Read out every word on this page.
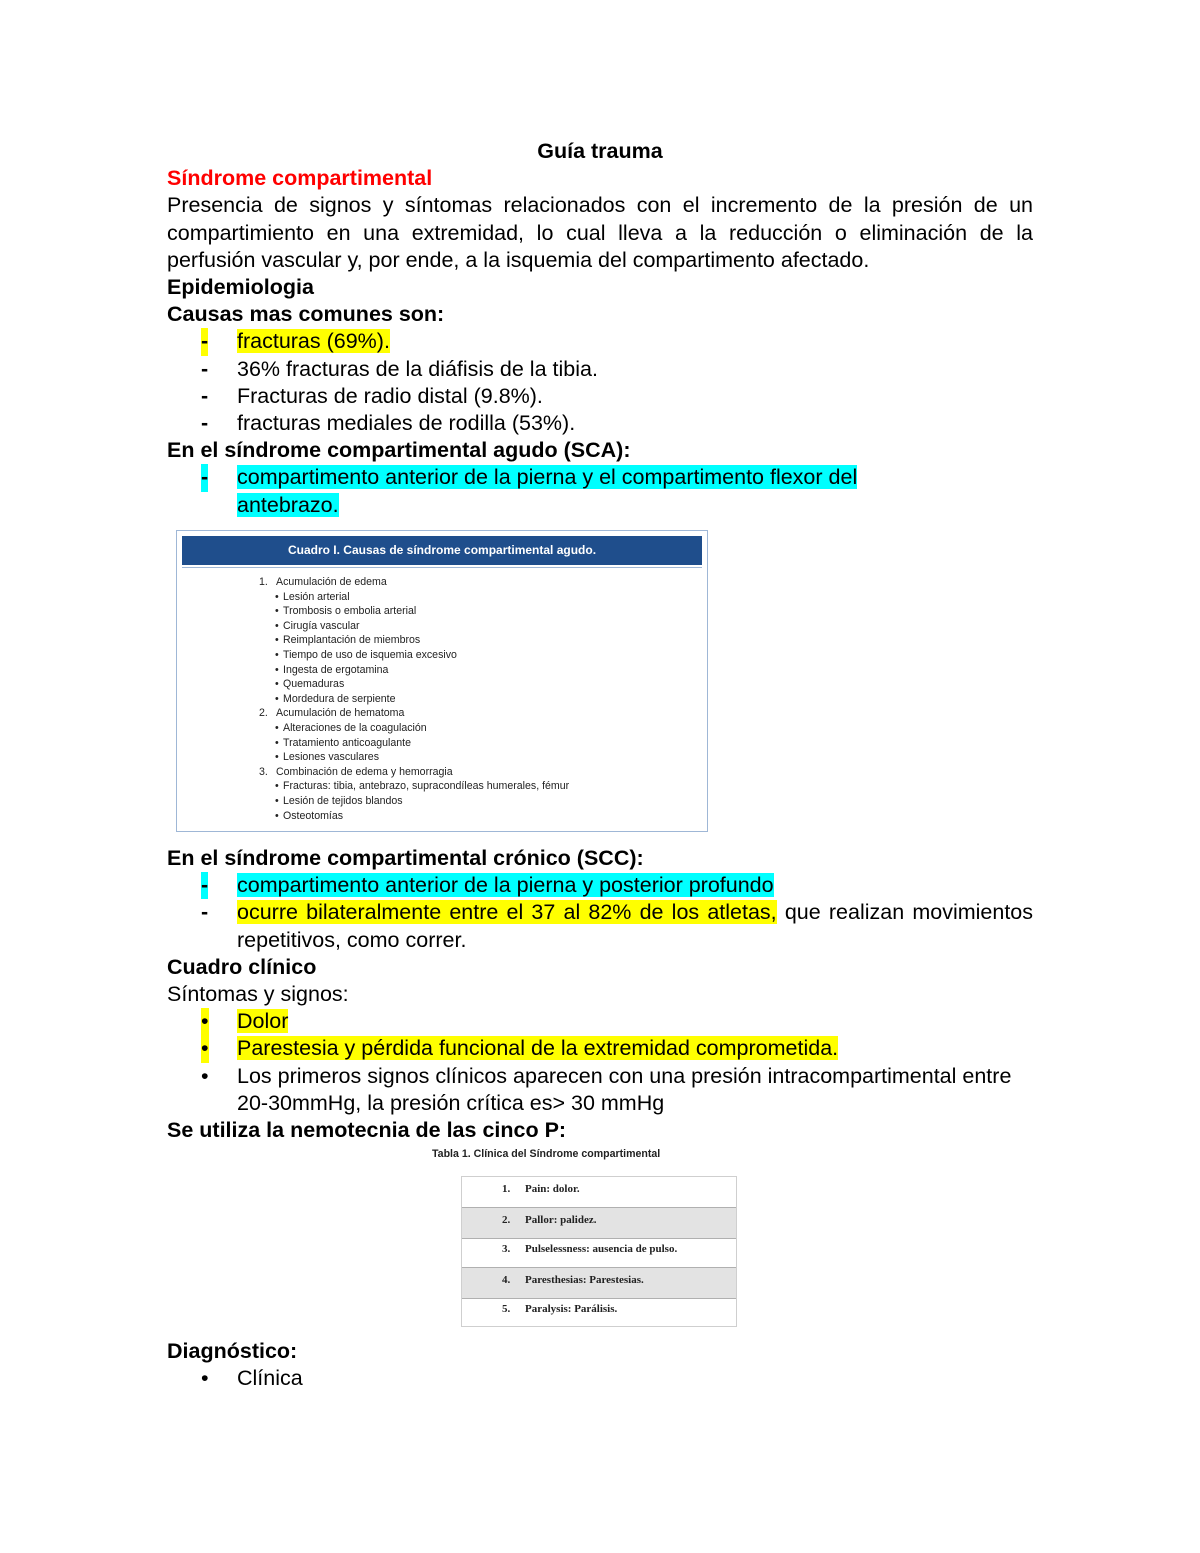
Guía trauma

Síndrome compartimental

Presencia de signos y síntomas relacionados con el incremento de la presión de un compartimiento en una extremidad, lo cual lleva a la reducción o eliminación de la perfusión vascular y, por ende, a la isquemia del compartimento afectado.

Epidemiologia

Causas mas comunes son:

- fracturas (69%).
- 36% fracturas de la diáfisis de la tibia.
- Fracturas de radio distal (9.8%).
- fracturas mediales de rodilla (53%).

En el síndrome compartimental agudo (SCA):

- compartimento anterior de la pierna y el compartimento flexor del
antebrazo.
Cuadro I. Causas de síndrome compartimental agudo.
1. Acumulación de edema
• Lesión arterial
• Trombosis o embolia arterial
• Cirugía vascular
• Reimplantación de miembros
• Tiempo de uso de isquemia excesivo
• Ingesta de ergotamina
• Quemaduras
• Mordedura de serpiente
2. Acumulación de hematoma
• Alteraciones de la coagulación
• Tratamiento anticoagulante
• Lesiones vasculares
3. Combinación de edema y hemorragia
• Fracturas: tibia, antebrazo, supracondíleas humerales, fémur
• Lesión de tejidos blandos
• Osteotomías

En el síndrome compartimental crónico (SCC):

- compartimento anterior de la pierna y posterior profundo
- ocurre bilateralmente entre el 37 al 82% de los atletas, que realizan movimientos repetitivos, como correr.

Cuadro clínico

Síntomas y signos:

• Dolor
• Parestesia y pérdida funcional de la extremidad comprometida.
• Los primeros signos clínicos aparecen con una presión intracompartimental entre 20-30mmHg, la presión crítica es> 30 mmHg

Se utiliza la nemotecnia de las cinco P:

Tabla 1. Clínica del Síndrome compartimental
1. Pain: dolor.
2. Pallor: palidez.
3. Pulselessness: ausencia de pulso.
4. Paresthesias: Parestesias.
5. Paralysis: Parálisis.

Diagnóstico:

• Clínica
